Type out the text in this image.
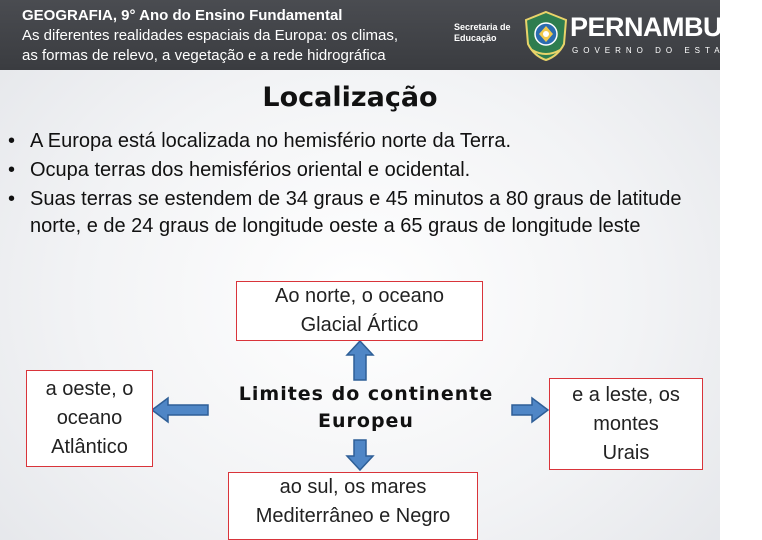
GEOGRAFIA, 9° Ano do Ensino Fundamental
As diferentes realidades espaciais da Europa: os climas,
as formas de relevo, a vegetação e a rede hidrográfica
Secretaria de
Educação	PERNAMBUCO
GOVERNO DO ESTADO
Localização
• A Europa está localizada no hemisfério norte da Terra.
• Ocupa terras dos hemisférios oriental e ocidental.
• Suas terras se estendem de 34 graus e 45 minutos a 80 graus de latitude norte, e de 24 graus de longitude oeste a 65 graus de longitude leste
Ao norte, o oceano
Glacial Ártico
a oeste, o
oceano
Atlântico
Limites do continente
Europeu
e a leste, os
montes
Urais
ao sul, os mares
Mediterrâneo e Negro
